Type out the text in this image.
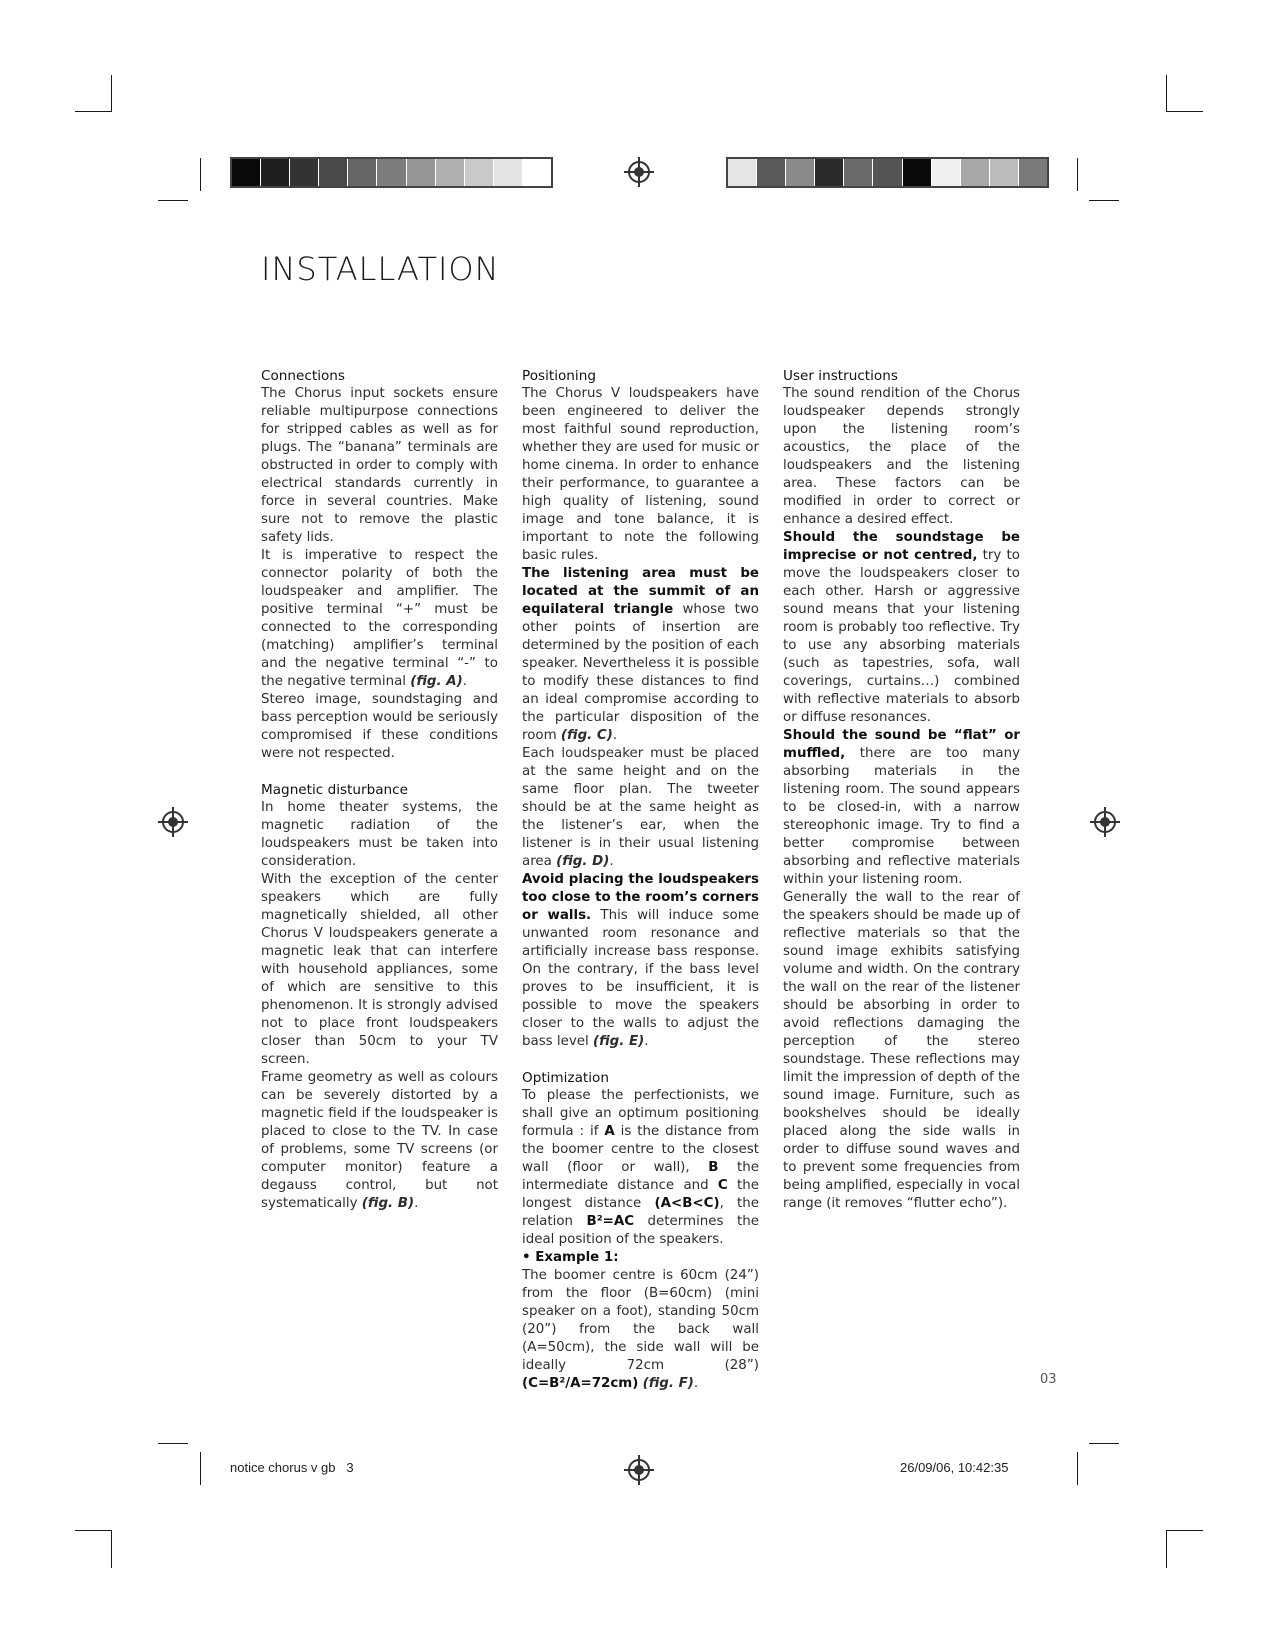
INSTALLATION
Connections

The Chorus input sockets ensure reliable multipurpose connections for stripped cables as well as for plugs. The “banana” terminals are obstructed in order to comply with electrical standards currently in force in several countries. Make sure not to remove the plastic safety lids.

It is imperative to respect the connector polarity of both the loudspeaker and amplifier. The positive terminal “+” must be connected to the corresponding (matching) amplifier’s terminal and the negative terminal “-” to the negative terminal (fig. A).

Stereo image, soundstaging and bass perception would be seriously compromised if these conditions were not respected.

Magnetic disturbance

In home theater systems, the magnetic radiation of the loudspeakers must be taken into consideration.

With the exception of the center speakers which are fully magnetically shielded, all other Chorus V loudspeakers generate a magnetic leak that can interfere with household appliances, some of which are sensitive to this phenomenon. It is strongly advised not to place front loudspeakers closer than 50cm to your TV screen.

Frame geometry as well as colours can be severely distorted by a magnetic field if the loudspeaker is placed to close to the TV. In case of problems, some TV screens (or computer monitor) feature a degauss control, but not systematically (fig. B).

Positioning

The Chorus V loudspeakers have been engineered to deliver the most faithful sound reproduction, whether they are used for music or home cinema. In order to enhance their performance, to guarantee a high quality of listening, sound image and tone balance, it is important to note the following basic rules.

The listening area must be located at the summit of an equilateral triangle whose two other points of insertion are determined by the position of each speaker. Nevertheless it is possible to modify these distances to find an ideal compromise according to the particular disposition of the room (fig. C).

Each loudspeaker must be placed at the same height and on the same floor plan. The tweeter should be at the same height as the listener’s ear, when the listener is in their usual listening area (fig. D).

Avoid placing the loudspeakers too close to the room’s corners or walls. This will induce some unwanted room resonance and artificially increase bass response. On the contrary, if the bass level proves to be insufficient, it is possible to move the speakers closer to the walls to adjust the bass level (fig. E).

Optimization

To please the perfectionists, we shall give an optimum positioning formula : if A is the distance from the boomer centre to the closest wall (floor or wall), B the intermediate distance and C the longest distance (A<B<C), the relation B²=AC determines the ideal position of the speakers.

• Example 1:

The boomer centre is 60cm (24”) from the floor (B=60cm) (mini speaker on a foot), standing 50cm (20”) from the back wall (A=50cm), the side wall will be ideally 72cm (28”) (C=B²/A=72cm) (fig. F).

User instructions

The sound rendition of the Chorus loudspeaker depends strongly upon the listening room’s acoustics, the place of the loudspeakers and the listening area. These factors can be modified in order to correct or enhance a desired effect.

Should the soundstage be imprecise or not centred, try to move the loudspeakers closer to each other. Harsh or aggressive sound means that your listening room is probably too reflective. Try to use any absorbing materials (such as tapestries, sofa, wall coverings, curtains…) combined with reflective materials to absorb or diffuse resonances.

Should the sound be “flat” or muffled, there are too many absorbing materials in the listening room. The sound appears to be closed-in, with a narrow stereophonic image. Try to find a better compromise between absorbing and reflective materials within your listening room.

Generally the wall to the rear of the speakers should be made up of reflective materials so that the sound image exhibits satisfying volume and width. On the contrary the wall on the rear of the listener should be absorbing in order to avoid reflections damaging the perception of the stereo soundstage. These reflections may limit the impression of depth of the sound image. Furniture, such as bookshelves should be ideally placed along the side walls in order to diffuse sound waves and to prevent some frequencies from being amplified, especially in vocal range (it removes “flutter echo”).

03

notice chorus v gb   3	26/09/06, 10:42:35
